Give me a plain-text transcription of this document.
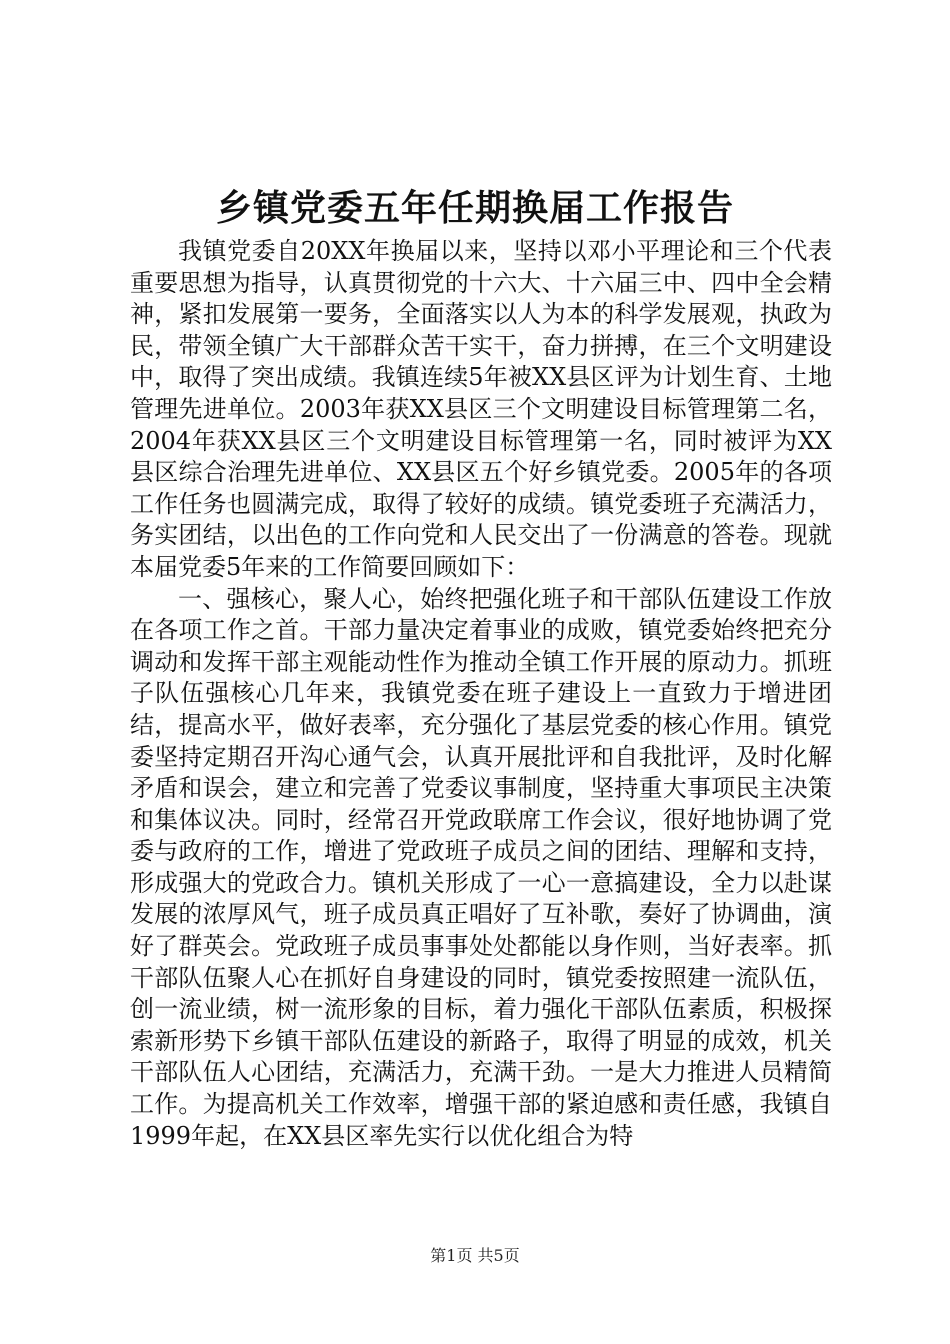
乡镇党委五年任期换届工作报告

我镇党委自20XX年换届以来，坚持以邓小平理论和三个代表重要思想为指导，认真贯彻党的十六大、十六届三中、四中全会精神，紧扣发展第一要务，全面落实以人为本的科学发展观，执政为民，带领全镇广大干部群众苦干实干，奋力拼搏，在三个文明建设中，取得了突出成绩。我镇连续5年被XX县区评为计划生育、土地管理先进单位。2003年获XX县区三个文明建设目标管理第二名，2004年获XX县区三个文明建设目标管理第一名，同时被评为XX县区综合治理先进单位、XX县区五个好乡镇党委。2005年的各项工作任务也圆满完成，取得了较好的成绩。镇党委班子充满活力，务实团结，以出色的工作向党和人民交出了一份满意的答卷。现就本届党委5年来的工作简要回顾如下：

一、强核心，聚人心，始终把强化班子和干部队伍建设工作放在各项工作之首。干部力量决定着事业的成败，镇党委始终把充分调动和发挥干部主观能动性作为推动全镇工作开展的原动力。抓班子队伍强核心几年来，我镇党委在班子建设上一直致力于增进团结，提高水平，做好表率，充分强化了基层党委的核心作用。镇党委坚持定期召开沟心通气会，认真开展批评和自我批评，及时化解矛盾和误会，建立和完善了党委议事制度，坚持重大事项民主决策和集体议决。同时，经常召开党政联席工作会议，很好地协调了党委与政府的工作，增进了党政班子成员之间的团结、理解和支持，形成强大的党政合力。镇机关形成了一心一意搞建设，全力以赴谋发展的浓厚风气，班子成员真正唱好了互补歌，奏好了协调曲，演好了群英会。党政班子成员事事处处都能以身作则，当好表率。抓干部队伍聚人心在抓好自身建设的同时，镇党委按照建一流队伍，创一流业绩，树一流形象的目标，着力强化干部队伍素质，积极探索新形势下乡镇干部队伍建设的新路子，取得了明显的成效，机关干部队伍人心团结，充满活力，充满干劲。一是大力推进人员精简工作。为提高机关工作效率，增强干部的紧迫感和责任感，我镇自1999年起，在XX县区率先实行以优化组合为特

第1页 共5页
